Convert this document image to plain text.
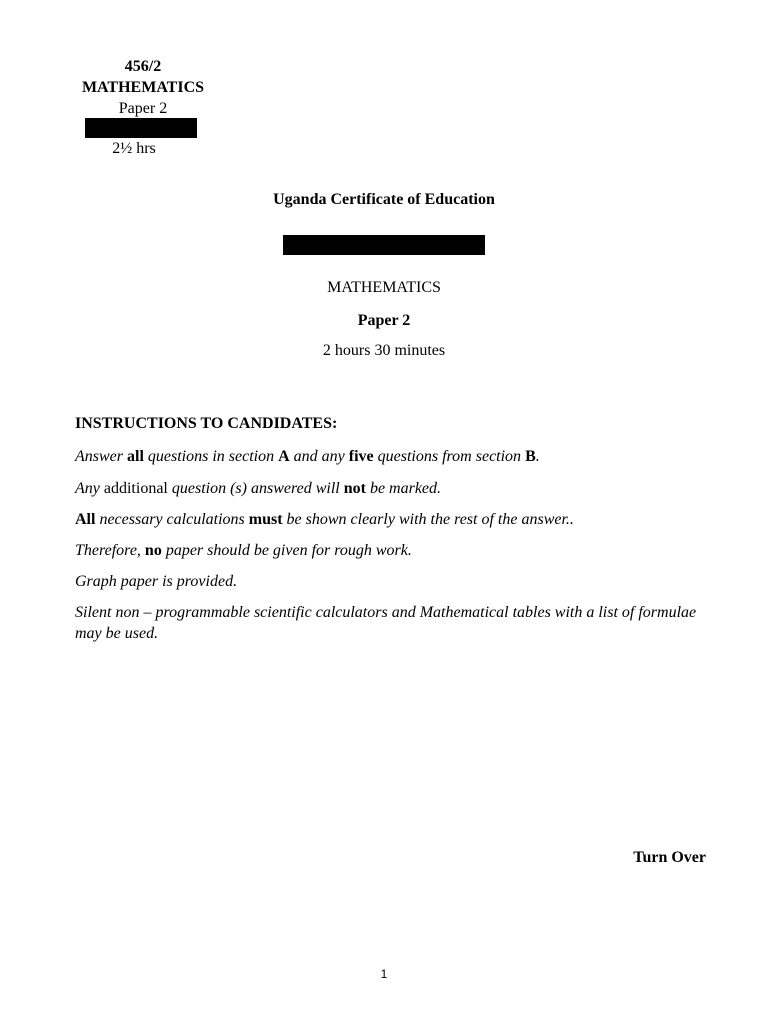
456/2
MATHEMATICS
Paper 2
2½ hrs
Uganda Certificate of Education
MATHEMATICS
Paper 2
2 hours 30 minutes
INSTRUCTIONS TO CANDIDATES:
Answer all questions in section A and any five questions from section B.
Any additional question (s) answered will not be marked.
All necessary calculations must be shown clearly with the rest of the answer..
Therefore, no paper should be given for rough work.
Graph paper is provided.
Silent non – programmable scientific calculators and Mathematical tables with a list of formulae may be used.
Turn Over
1
